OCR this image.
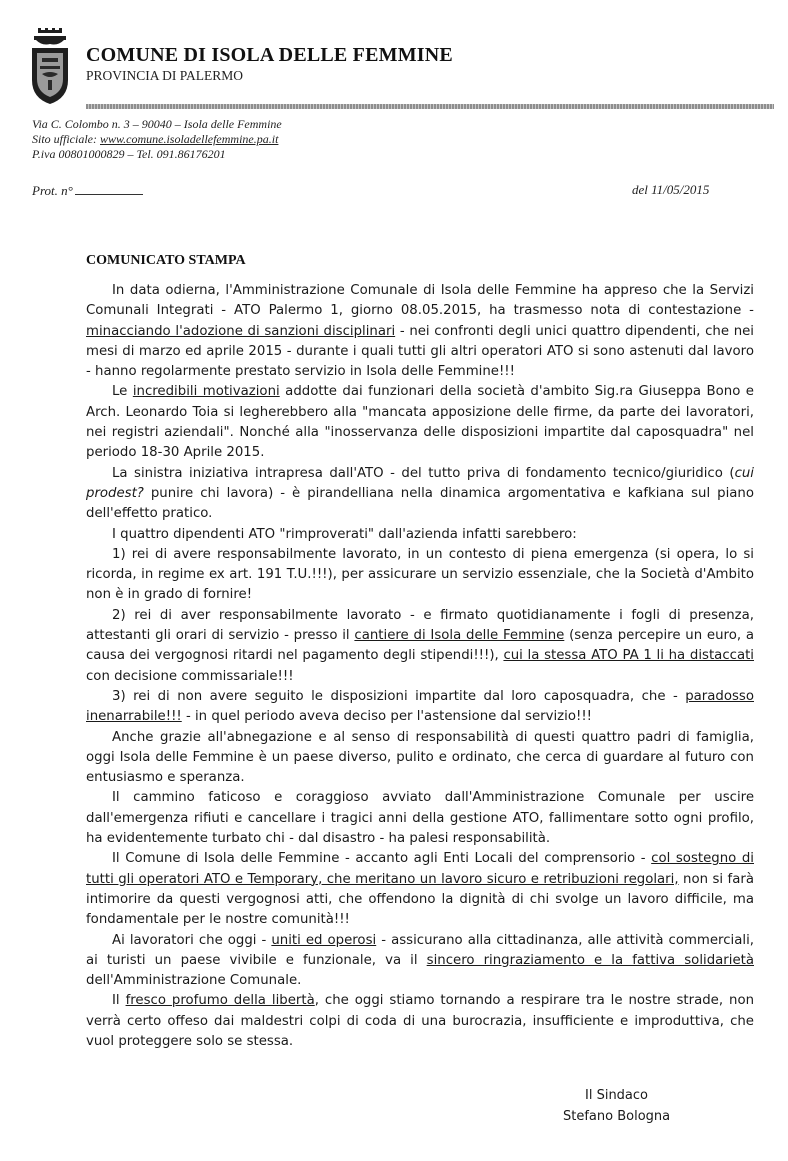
COMUNE DI ISOLA DELLE FEMMINE
PROVINCIA DI PALERMO
Via C. Colombo n. 3 – 90040 – Isola delle Femmine
Sito ufficiale: www.comune.isoladellefemmine.pa.it
P.iva 00801000829 – Tel. 091.86176201
Prot. n°	del 11/05/2015
COMUNICATO STAMPA

In data odierna, l'Amministrazione Comunale di Isola delle Femmine ha appreso che la Servizi Comunali Integrati - ATO Palermo 1, giorno 08.05.2015, ha trasmesso nota di contestazione - minacciando l'adozione di sanzioni disciplinari - nei confronti degli unici quattro dipendenti, che nei mesi di marzo ed aprile 2015 - durante i quali tutti gli altri operatori ATO si sono astenuti dal lavoro - hanno regolarmente prestato servizio in Isola delle Femmine!!!

Le incredibili motivazioni addotte dai funzionari della società d'ambito Sig.ra Giuseppa Bono e Arch. Leonardo Toia si legherebbero alla "mancata apposizione delle firme, da parte dei lavoratori, nei registri aziendali". Nonché alla "inosservanza delle disposizioni impartite dal caposquadra" nel periodo 18-30 Aprile 2015.

La sinistra iniziativa intrapresa dall'ATO - del tutto priva di fondamento tecnico/giuridico (cui prodest? punire chi lavora) - è pirandelliana nella dinamica argomentativa e kafkiana sul piano dell'effetto pratico.

I quattro dipendenti ATO "rimproverati" dall'azienda infatti sarebbero:

1) rei di avere responsabilmente lavorato, in un contesto di piena emergenza (si opera, lo si ricorda, in regime ex art. 191 T.U.!!!), per assicurare un servizio essenziale, che la Società d'Ambito non è in grado di fornire!

2) rei di aver responsabilmente lavorato - e firmato quotidianamente i fogli di presenza, attestanti gli orari di servizio - presso il cantiere di Isola delle Femmine (senza percepire un euro, a causa dei vergognosi ritardi nel pagamento degli stipendi!!!), cui la stessa ATO PA 1 li ha distaccati con decisione commissariale!!!

3) rei di non avere seguito le disposizioni impartite dal loro caposquadra, che - paradosso inenarrabile!!! - in quel periodo aveva deciso per l'astensione dal servizio!!!

Anche grazie all'abnegazione e al senso di responsabilità di questi quattro padri di famiglia, oggi Isola delle Femmine è un paese diverso, pulito e ordinato, che cerca di guardare al futuro con entusiasmo e speranza.

Il cammino faticoso e coraggioso avviato dall'Amministrazione Comunale per uscire dall'emergenza rifiuti e cancellare i tragici anni della gestione ATO, fallimentare sotto ogni profilo, ha evidentemente turbato chi - dal disastro - ha palesi responsabilità.

Il Comune di Isola delle Femmine - accanto agli Enti Locali del comprensorio - col sostegno di tutti gli operatori ATO e Temporary, che meritano un lavoro sicuro e retribuzioni regolari, non si farà intimorire da questi vergognosi atti, che offendono la dignità di chi svolge un lavoro difficile, ma fondamentale per le nostre comunità!!!

Ai lavoratori che oggi - uniti ed operosi - assicurano alla cittadinanza, alle attività commerciali, ai turisti un paese vivibile e funzionale, va il sincero ringraziamento e la fattiva solidarietà dell'Amministrazione Comunale.

Il fresco profumo della libertà, che oggi stiamo tornando a respirare tra le nostre strade, non verrà certo offeso dai maldestri colpi di coda di una burocrazia, insufficiente e improduttiva, che vuol proteggere solo se stessa.

Il Sindaco
Stefano Bologna
